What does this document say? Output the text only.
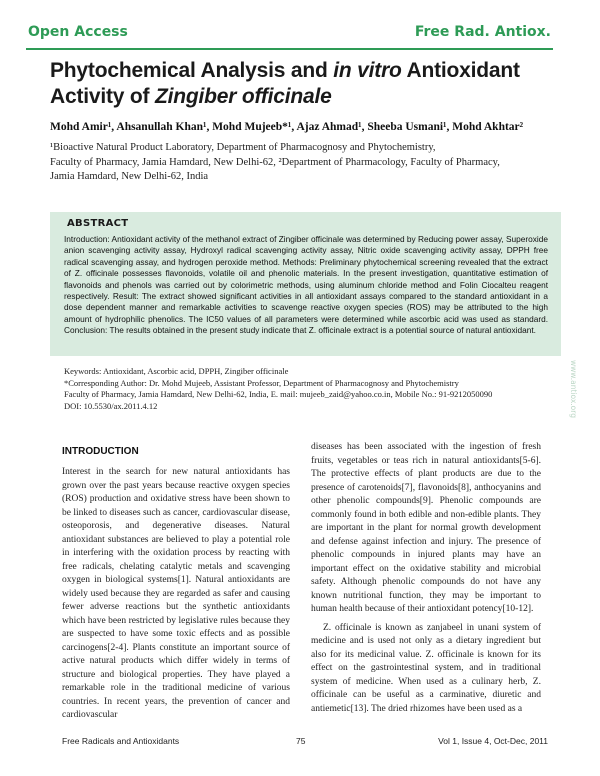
Open Access	Free Rad. Antiox.
Phytochemical Analysis and in vitro Antioxidant Activity of Zingiber officinale
Mohd Amir¹, Ahsanullah Khan¹, Mohd Mujeeb*¹, Ajaz Ahmad¹, Sheeba Usmani¹, Mohd Akhtar²

¹Bioactive Natural Product Laboratory, Department of Pharmacognosy and Phytochemistry,

Faculty of Pharmacy, Jamia Hamdard, New Delhi-62, ²Department of Pharmacology, Faculty of Pharmacy,

Jamia Hamdard, New Delhi-62, India

ABSTRACT
Introduction: Antioxidant activity of the methanol extract of Zingiber officinale was determined by Reducing power assay, Superoxide anion scavenging activity assay, Hydroxyl radical scavenging activity assay, Nitric oxide scavenging activity assay, DPPH free radical scavenging assay, and hydrogen peroxide method. Methods: Preliminary phytochemical screening revealed that the extract of Z. officinale possesses flavonoids, volatile oil and phenolic materials. In the present investigation, quantitative estimation of flavonoids and phenols was carried out by colorimetric methods, using aluminum chloride method and Folin Ciocalteu reagent respectively. Result: The extract showed significant activities in all antioxidant assays compared to the standard antioxidant in a dose dependent manner and remarkable activities to scavenge reactive oxygen species (ROS) may be attributed to the high amount of hydrophilic phenolics. The IC50 values of all parameters were determined while ascorbic acid was used as standard. Conclusion: The results obtained in the present study indicate that Z. officinale extract is a potential source of natural antioxidant.

Keywords: Antioxidant, Ascorbic acid, DPPH, Zingiber officinale

*Corresponding Author: Dr. Mohd Mujeeb, Assistant Professor, Department of Pharmacognosy and Phytochemistry

Faculty of Pharmacy, Jamia Hamdard, New Delhi-62, India, E. mail: mujeeb_zaid@yahoo.co.in, Mobile No.: 91-9212050090

DOI: 10.5530/ax.2011.4.12	www.antiox.org
INTRODUCTION

Interest in the search for new natural antioxidants has grown over the past years because reactive oxygen species (ROS) production and oxidative stress have been shown to be linked to diseases such as cancer, cardiovascular disease, osteoporosis, and degenerative diseases. Natural antioxidant substances are believed to play a potential role in interfering with the oxidation process by reacting with free radicals, chelating catalytic metals and scavenging oxygen in biological systems[1]. Natural antioxidants are widely used because they are regarded as safer and causing fewer adverse reactions but the synthetic antioxidants which have been restricted by legislative rules because they are suspected to have some toxic effects and as possible carcinogens[2-4]. Plants constitute an important source of active natural products which differ widely in terms of structure and biological properties. They have played a remarkable role in the traditional medicine of various countries. In recent years, the prevention of cancer and cardiovascular

diseases has been associated with the ingestion of fresh fruits, vegetables or teas rich in natural antioxidants[5-6]. The protective effects of plant products are due to the presence of carotenoids[7], flavonoids[8], anthocyanins and other phenolic compounds[9]. Phenolic compounds are commonly found in both edible and non-edible plants. They are important in the plant for normal growth development and defense against infection and injury. The presence of phenolic compounds in injured plants may have an important effect on the oxidative stability and microbial safety. Although phenolic compounds do not have any known nutritional function, they may be important to human health because of their antioxidant potency[10-12].

Z. officinale is known as zanjabeel in unani system of medicine and is used not only as a dietary ingredient but also for its medicinal value. Z. officinale is known for its effect on the gastrointestinal system, and in traditional system of medicine. When used as a culinary herb, Z. officinale can be useful as a carminative, diuretic and antiemetic[13]. The dried rhizomes have been used as a

Free Radicals and Antioxidants	75	Vol 1, Issue 4, Oct-Dec, 2011
